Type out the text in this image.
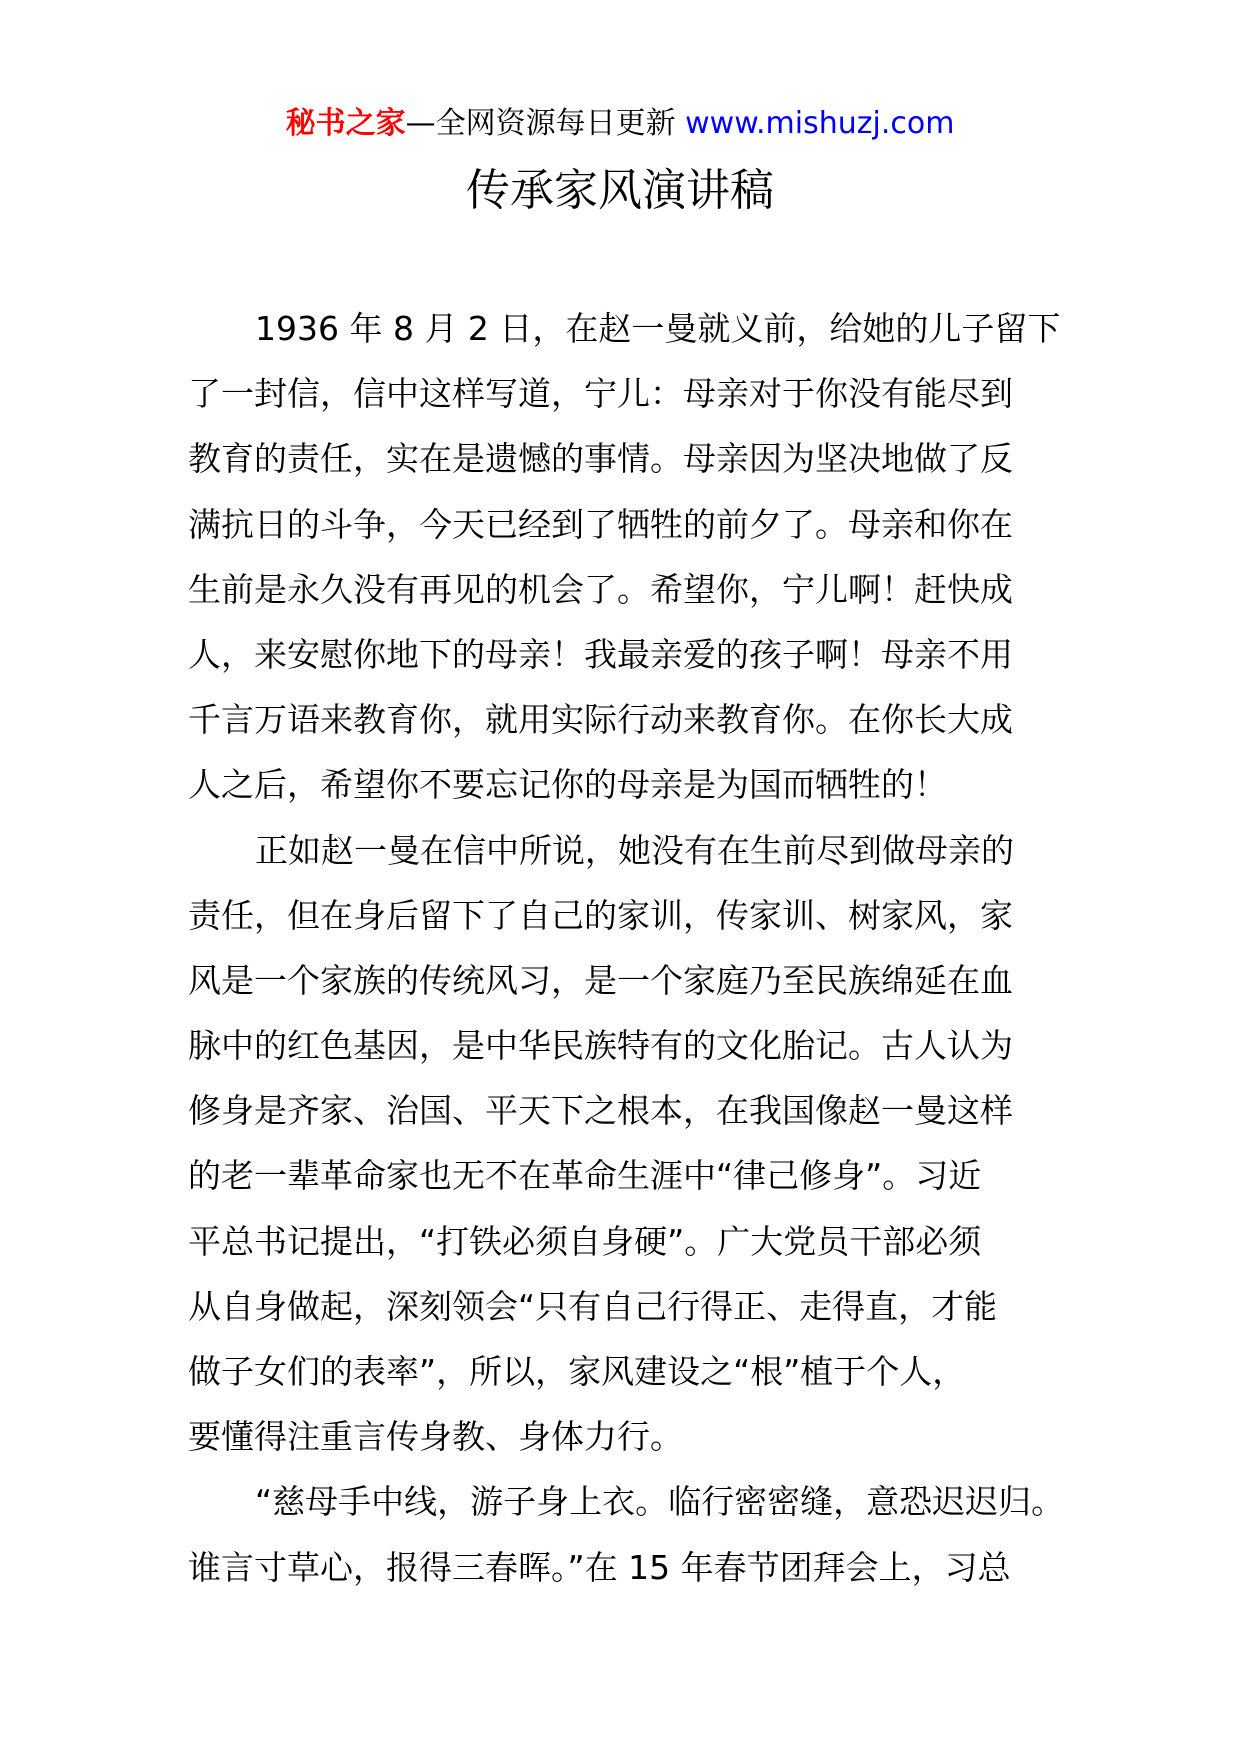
秘书之家—全网资源每日更新 www.mishuzj.com
传承家风演讲稿
1936 年 8 月 2 日，在赵一曼就义前，给她的儿子留下
了一封信，信中这样写道，宁儿：母亲对于你没有能尽到
教育的责任，实在是遗憾的事情。母亲因为坚决地做了反
满抗日的斗争，今天已经到了牺牲的前夕了。母亲和你在
生前是永久没有再见的机会了。希望你，宁儿啊！赶快成
人，来安慰你地下的母亲！我最亲爱的孩子啊！母亲不用
千言万语来教育你，就用实际行动来教育你。在你长大成
人之后，希望你不要忘记你的母亲是为国而牺牲的！
正如赵一曼在信中所说，她没有在生前尽到做母亲的
责任，但在身后留下了自己的家训，传家训、树家风，家
风是一个家族的传统风习，是一个家庭乃至民族绵延在血
脉中的红色基因，是中华民族特有的文化胎记。古人认为
修身是齐家、治国、平天下之根本，在我国像赵一曼这样
的老一辈革命家也无不在革命生涯中“律己修身”。习近
平总书记提出，“打铁必须自身硬”。广大党员干部必须
从自身做起，深刻领会“只有自己行得正、走得直，才能
做子女们的表率”，所以，家风建设之“根”植于个人，
要懂得注重言传身教、身体力行。
“慈母手中线，游子身上衣。临行密密缝，意恐迟迟归。
谁言寸草心，报得三春晖。”在 15 年春节团拜会上，习总
